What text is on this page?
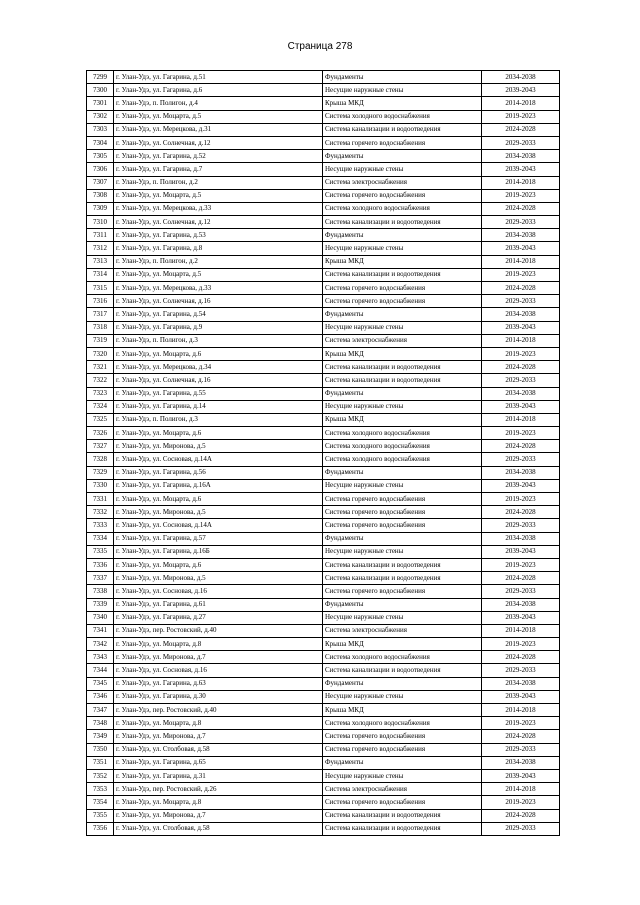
Страница 278
7299	г. Улан-Удэ, ул. Гагарина, д.51	Фундаменты	2034-2038
7300	г. Улан-Удэ, ул. Гагарина, д.6	Несущие наружные стены	2039-2043
7301	г. Улан-Удэ, п. Полигон, д.4	Крыша МКД	2014-2018
7302	г. Улан-Удэ, ул. Моцарта, д.5	Система холодного водоснабжения	2019-2023
7303	г. Улан-Удэ, ул. Мерецкова, д.31	Система канализации и водоотведения	2024-2028
7304	г. Улан-Удэ, ул. Солнечная, д.12	Система горячего водоснабжения	2029-2033
7305	г. Улан-Удэ, ул. Гагарина, д.52	Фундаменты	2034-2038
7306	г. Улан-Удэ, ул. Гагарина, д.7	Несущие наружные стены	2039-2043
7307	г. Улан-Удэ, п. Полигон, д.2	Система электроснабжения	2014-2018
7308	г. Улан-Удэ, ул. Моцарта, д.5	Система горячего водоснабжения	2019-2023
7309	г. Улан-Удэ, ул. Мерецкова, д.33	Система холодного водоснабжения	2024-2028
7310	г. Улан-Удэ, ул. Солнечная, д.12	Система канализации и водоотведения	2029-2033
7311	г. Улан-Удэ, ул. Гагарина, д.53	Фундаменты	2034-2038
7312	г. Улан-Удэ, ул. Гагарина, д.8	Несущие наружные стены	2039-2043
7313	г. Улан-Удэ, п. Полигон, д.2	Крыша МКД	2014-2018
7314	г. Улан-Удэ, ул. Моцарта, д.5	Система канализации и водоотведения	2019-2023
7315	г. Улан-Удэ, ул. Мерецкова, д.33	Система горячего водоснабжения	2024-2028
7316	г. Улан-Удэ, ул. Солнечная, д.16	Система горячего водоснабжения	2029-2033
7317	г. Улан-Удэ, ул. Гагарина, д.54	Фундаменты	2034-2038
7318	г. Улан-Удэ, ул. Гагарина, д.9	Несущие наружные стены	2039-2043
7319	г. Улан-Удэ, п. Полигон, д.3	Система электроснабжения	2014-2018
7320	г. Улан-Удэ, ул. Моцарта, д.6	Крыша МКД	2019-2023
7321	г. Улан-Удэ, ул. Мерецкова, д.34	Система канализации и водоотведения	2024-2028
7322	г. Улан-Удэ, ул. Солнечная, д.16	Система канализации и водоотведения	2029-2033
7323	г. Улан-Удэ, ул. Гагарина, д.55	Фундаменты	2034-2038
7324	г. Улан-Удэ, ул. Гагарина, д.14	Несущие наружные стены	2039-2043
7325	г. Улан-Удэ, п. Полигон, д.3	Крыша МКД	2014-2018
7326	г. Улан-Удэ, ул. Моцарта, д.6	Система холодного водоснабжения	2019-2023
7327	г. Улан-Удэ, ул. Миронова, д.5	Система холодного водоснабжения	2024-2028
7328	г. Улан-Удэ, ул. Сосновая, д.14А	Система холодного водоснабжения	2029-2033
7329	г. Улан-Удэ, ул. Гагарина, д.56	Фундаменты	2034-2038
7330	г. Улан-Удэ, ул. Гагарина, д.16А	Несущие наружные стены	2039-2043
7331	г. Улан-Удэ, ул. Моцарта, д.6	Система горячего водоснабжения	2019-2023
7332	г. Улан-Удэ, ул. Миронова, д.5	Система горячего водоснабжения	2024-2028
7333	г. Улан-Удэ, ул. Сосновая, д.14А	Система горячего водоснабжения	2029-2033
7334	г. Улан-Удэ, ул. Гагарина, д.57	Фундаменты	2034-2038
7335	г. Улан-Удэ, ул. Гагарина, д.16Б	Несущие наружные стены	2039-2043
7336	г. Улан-Удэ, ул. Моцарта, д.6	Система канализации и водоотведения	2019-2023
7337	г. Улан-Удэ, ул. Миронова, д.5	Система канализации и водоотведения	2024-2028
7338	г. Улан-Удэ, ул. Сосновая, д.16	Система горячего водоснабжения	2029-2033
7339	г. Улан-Удэ, ул. Гагарина, д.61	Фундаменты	2034-2038
7340	г. Улан-Удэ, ул. Гагарина, д.27	Несущие наружные стены	2039-2043
7341	г. Улан-Удэ, пер. Ростовский, д.40	Система электроснабжения	2014-2018
7342	г. Улан-Удэ, ул. Моцарта, д.8	Крыша МКД	2019-2023
7343	г. Улан-Удэ, ул. Миронова, д.7	Система холодного водоснабжения	2024-2028
7344	г. Улан-Удэ, ул. Сосновая, д.16	Система канализации и водоотведения	2029-2033
7345	г. Улан-Удэ, ул. Гагарина, д.63	Фундаменты	2034-2038
7346	г. Улан-Удэ, ул. Гагарина, д.30	Несущие наружные стены	2039-2043
7347	г. Улан-Удэ, пер. Ростовский, д.40	Крыша МКД	2014-2018
7348	г. Улан-Удэ, ул. Моцарта, д.8	Система холодного водоснабжения	2019-2023
7349	г. Улан-Удэ, ул. Миронова, д.7	Система горячего водоснабжения	2024-2028
7350	г. Улан-Удэ, ул. Столбовая, д.58	Система горячего водоснабжения	2029-2033
7351	г. Улан-Удэ, ул. Гагарина, д.65	Фундаменты	2034-2038
7352	г. Улан-Удэ, ул. Гагарина, д.31	Несущие наружные стены	2039-2043
7353	г. Улан-Удэ, пер. Ростовский, д.26	Система электроснабжения	2014-2018
7354	г. Улан-Удэ, ул. Моцарта, д.8	Система горячего водоснабжения	2019-2023
7355	г. Улан-Удэ, ул. Миронова, д.7	Система канализации и водоотведения	2024-2028
7356	г. Улан-Удэ, ул. Столбовая, д.58	Система канализации и водоотведения	2029-2033
